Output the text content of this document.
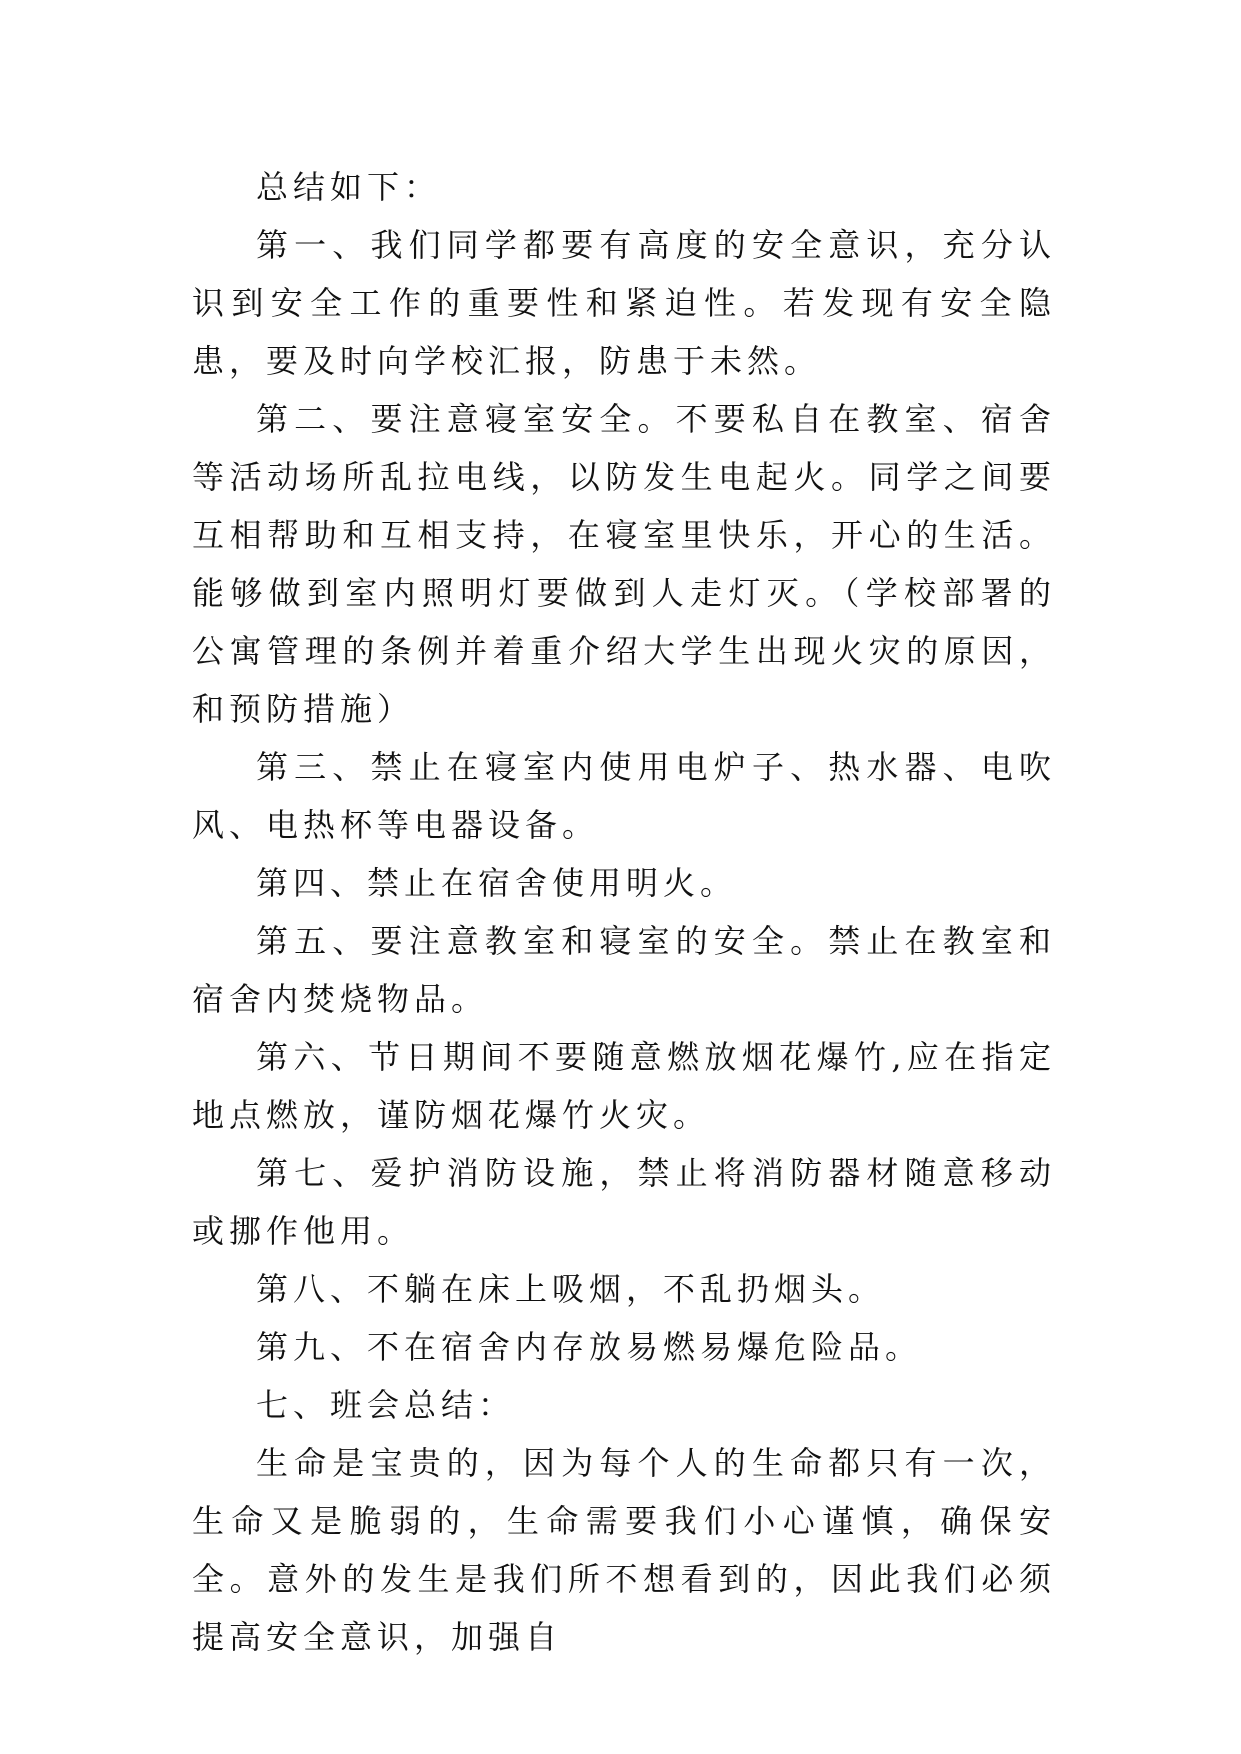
总结如下：

第一、我们同学都要有高度的安全意识，充分认识到安全工作的重要性和紧迫性。若发现有安全隐患，要及时向学校汇报，防患于未然。

第二、要注意寝室安全。不要私自在教室、宿舍等活动场所乱拉电线，以防发生电起火。同学之间要互相帮助和互相支持，在寝室里快乐，开心的生活。能够做到室内照明灯要做到人走灯灭。（学校部署的公寓管理的条例并着重介绍大学生出现火灾的原因，和预防措施）

第三、禁止在寝室内使用电炉子、热水器、电吹风、电热杯等电器设备。

第四、禁止在宿舍使用明火。

第五、要注意教室和寝室的安全。禁止在教室和宿舍内焚烧物品。

第六、节日期间不要随意燃放烟花爆竹,应在指定地点燃放，谨防烟花爆竹火灾。

第七、爱护消防设施，禁止将消防器材随意移动或挪作他用。

第八、不躺在床上吸烟，不乱扔烟头。

第九、不在宿舍内存放易燃易爆危险品。

七、班会总结：

生命是宝贵的，因为每个人的生命都只有一次，生命又是脆弱的，生命需要我们小心谨慎，确保安全。意外的发生是我们所不想看到的，因此我们必须提高安全意识，加强自
